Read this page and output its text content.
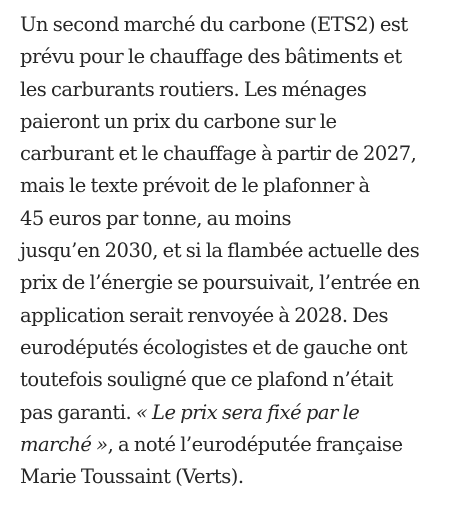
Un second marché du carbone (ETS2) est
prévu pour le chauffage des bâtiments et
les carburants routiers. Les ménages
paieront un prix du carbone sur le
carburant et le chauffage à partir de 2027,
mais le texte prévoit de le plafonner à
45 euros par tonne, au moins
jusqu’en 2030, et si la flambée actuelle des
prix de l’énergie se poursuivait, l’entrée en
application serait renvoyée à 2028. Des
eurodéputés écologistes et de gauche ont
toutefois souligné que ce plafond n’était
pas garanti. « Le prix sera fixé par le
marché », a noté l’eurodéputée française
Marie Toussaint (Verts).
